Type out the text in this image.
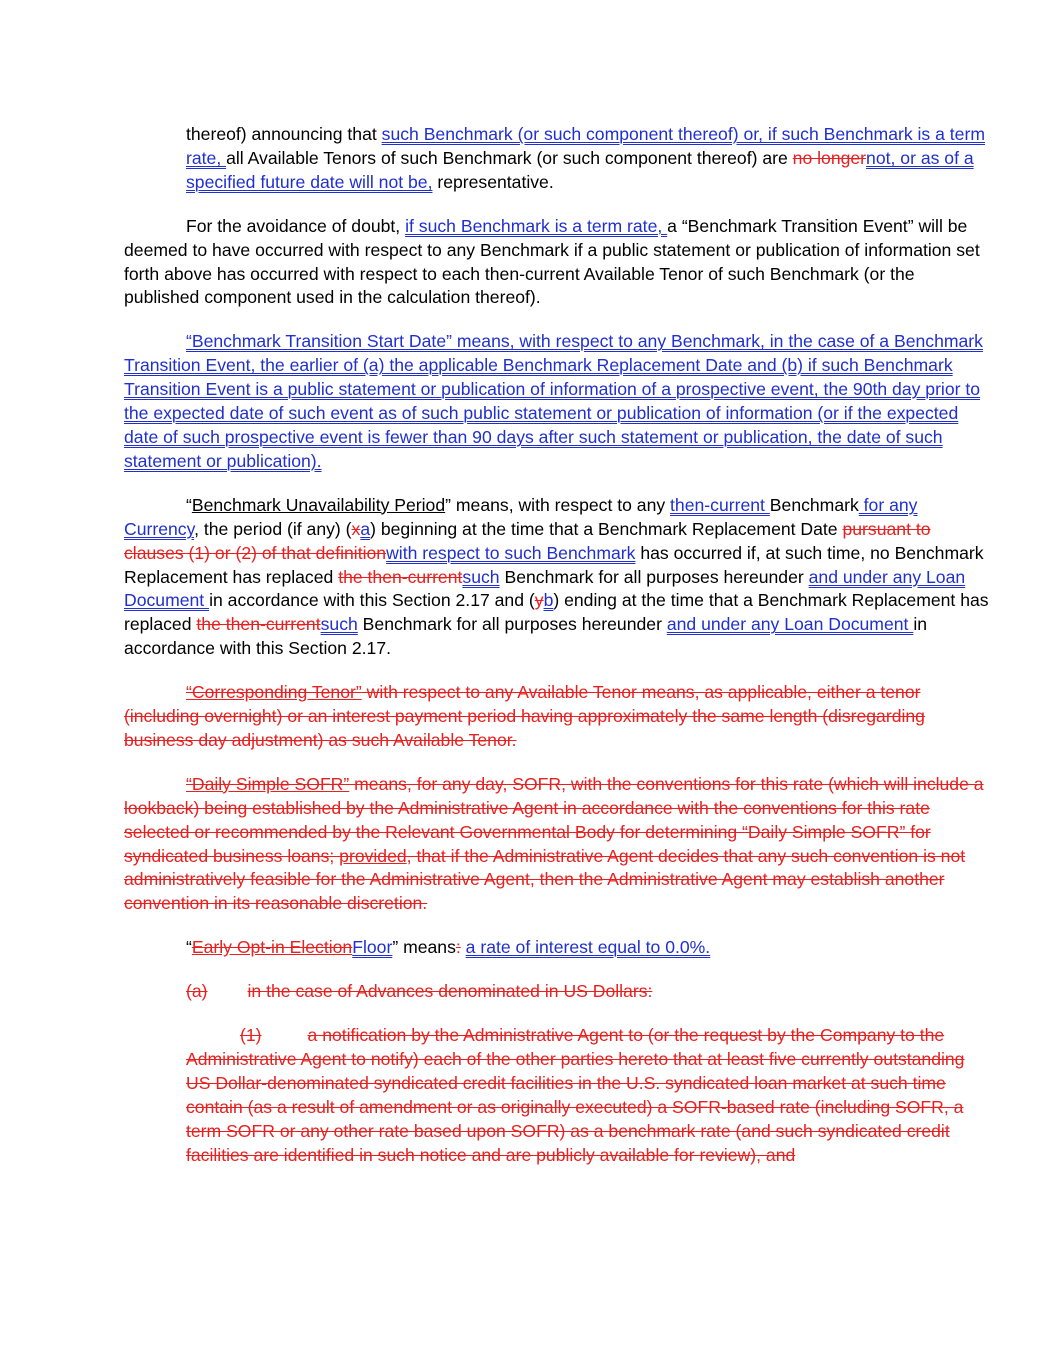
thereof) announcing that such Benchmark (or such component thereof) or, if such Benchmark is a term rate, all Available Tenors of such Benchmark (or such component thereof) are no longernot, or as of a specified future date will not be, representative.

For the avoidance of doubt, if such Benchmark is a term rate, a “Benchmark Transition Event” will be deemed to have occurred with respect to any Benchmark if a public statement or publication of information set forth above has occurred with respect to each then-current Available Tenor of such Benchmark (or the published component used in the calculation thereof).

“Benchmark Transition Start Date” means, with respect to any Benchmark, in the case of a Benchmark Transition Event, the earlier of (a) the applicable Benchmark Replacement Date and (b) if such Benchmark Transition Event is a public statement or publication of information of a prospective event, the 90th day prior to the expected date of such event as of such public statement or publication of information (or if the expected date of such prospective event is fewer than 90 days after such statement or publication, the date of such statement or publication).

“Benchmark Unavailability Period” means, with respect to any then-current Benchmark for any Currency, the period (if any) (xa) beginning at the time that a Benchmark Replacement Date pursuant to clauses (1) or (2) of that definitionwith respect to such Benchmark has occurred if, at such time, no Benchmark Replacement has replaced the then-currentsuch Benchmark for all purposes hereunder and under any Loan Document in accordance with this Section 2.17 and (yb) ending at the time that a Benchmark Replacement has replaced the then-currentsuch Benchmark for all purposes hereunder and under any Loan Document in accordance with this Section 2.17.

“Corresponding Tenor” with respect to any Available Tenor means, as applicable, either a tenor (including overnight) or an interest payment period having approximately the same length (disregarding business day adjustment) as such Available Tenor.

“Daily Simple SOFR” means, for any day, SOFR, with the conventions for this rate (which will include a lookback) being established by the Administrative Agent in accordance with the conventions for this rate selected or recommended by the Relevant Governmental Body for determining “Daily Simple SOFR” for syndicated business loans; provided, that if the Administrative Agent decides that any such convention is not administratively feasible for the Administrative Agent, then the Administrative Agent may establish another convention in its reasonable discretion.

“Early Opt-in ElectionFloor” means: a rate of interest equal to 0.0%.

(a) in the case of Advances denominated in US Dollars:

(1)	a notification by the Administrative Agent to (or the request by the Company to the Administrative Agent to notify) each of the other parties hereto that at least five currently outstanding US Dollar-denominated syndicated credit facilities in the U.S. syndicated loan market at such time contain (as a result of amendment or as originally executed) a SOFR-based rate (including SOFR, a term SOFR or any other rate based upon SOFR) as a benchmark rate (and such syndicated credit facilities are identified in such notice and are publicly available for review), and
